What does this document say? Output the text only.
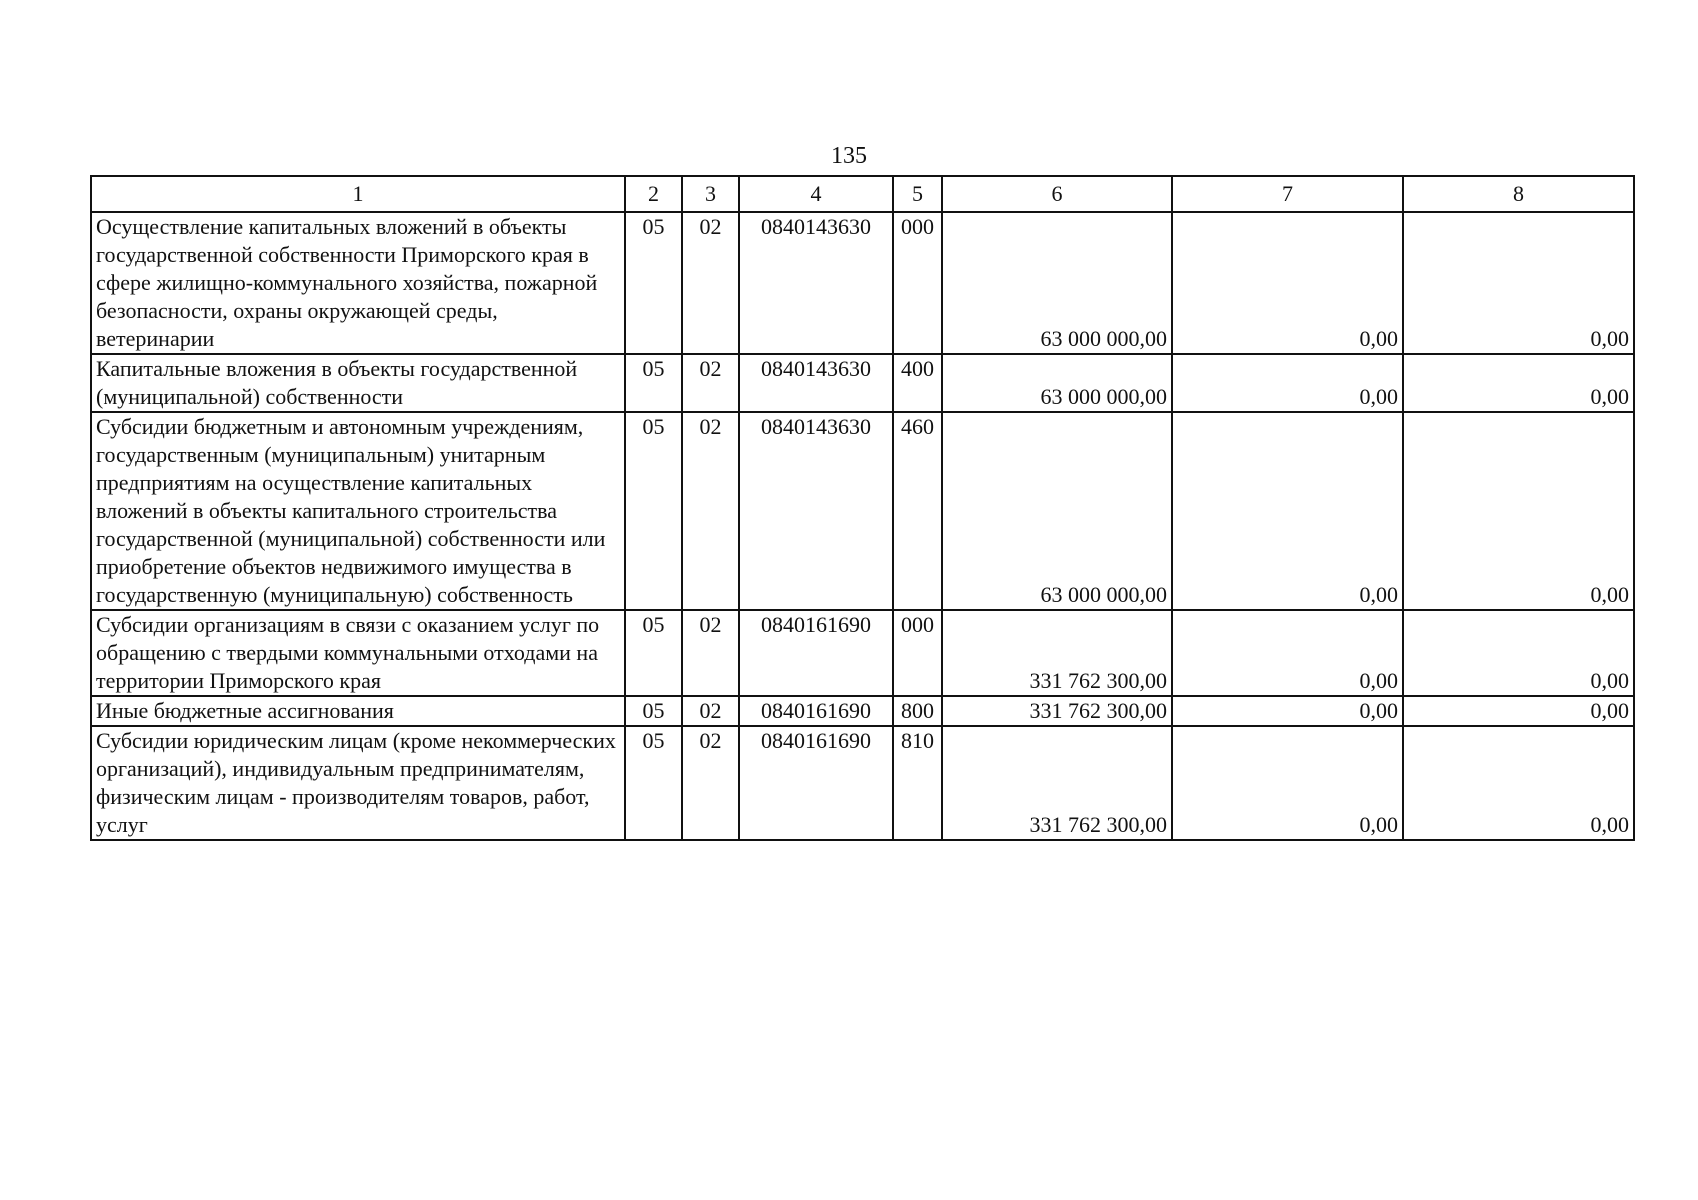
135
1	2	3	4	5	6	7	8
Осуществление капитальных вложений в объекты государственной собственности Приморского края в сфере жилищно-коммунального хозяйства, пожарной безопасности, охраны окружающей среды, ветеринарии	05	02	0840143630	000	63 000 000,00	0,00	0,00
Капитальные вложения в объекты государственной (муниципальной) собственности	05	02	0840143630	400	63 000 000,00	0,00	0,00
Субсидии бюджетным и автономным учреждениям, государственным (муниципальным) унитарным предприятиям на осуществление капитальных вложений в объекты капитального строительства государственной (муниципальной) собственности или приобретение объектов недвижимого имущества в государственную (муниципальную) собственность	05	02	0840143630	460	63 000 000,00	0,00	0,00
Субсидии организациям в связи с оказанием услуг по обращению с твердыми коммунальными отходами на территории Приморского края	05	02	0840161690	000	331 762 300,00	0,00	0,00
Иные бюджетные ассигнования	05	02	0840161690	800	331 762 300,00	0,00	0,00
Субсидии юридическим лицам (кроме некоммерческих организаций), индивидуальным предпринимателям, физическим лицам - производителям товаров, работ, услуг	05	02	0840161690	810	331 762 300,00	0,00	0,00
